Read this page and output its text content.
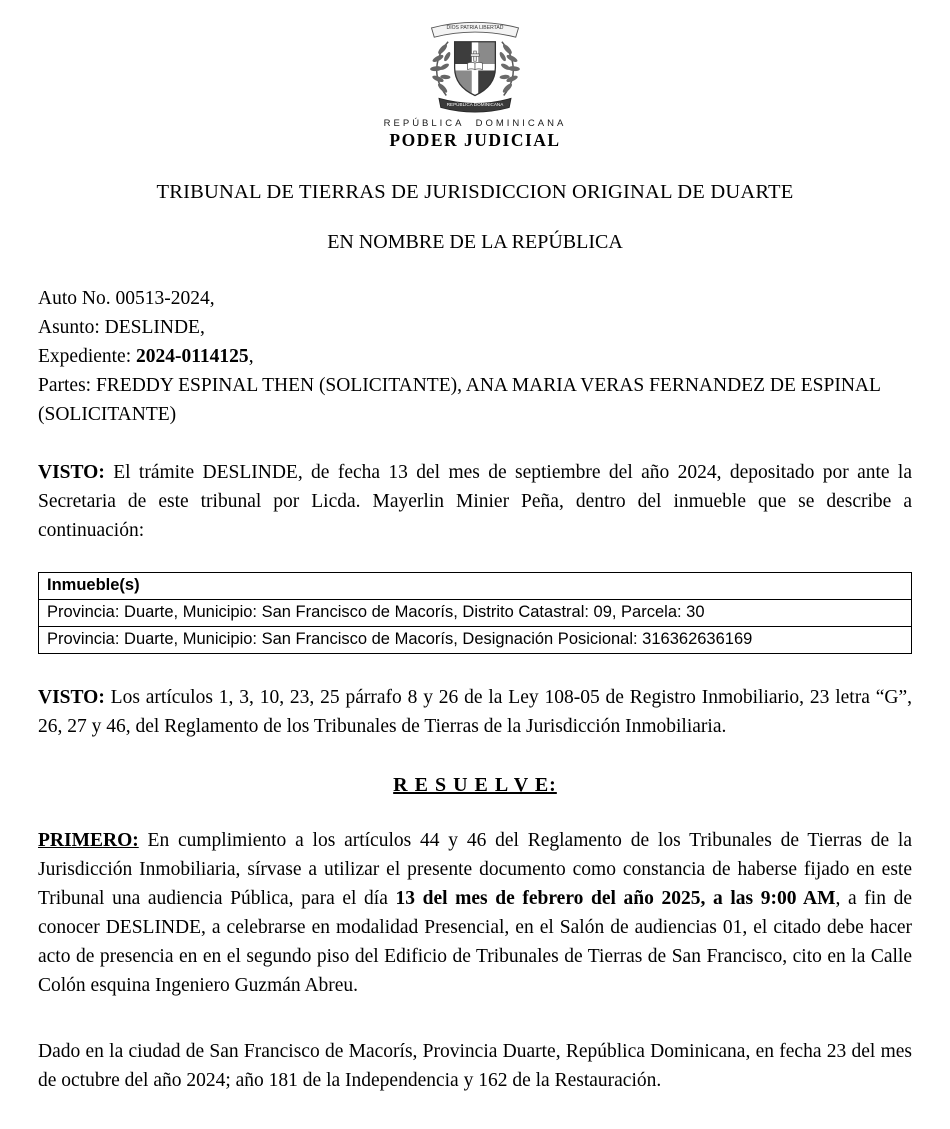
DIOS PATRIA LIBERTAD
REPÚBLICA DOMINICANA
REPÚBLICA DOMINICANA
PODER JUDICIAL
TRIBUNAL DE TIERRAS DE JURISDICCION ORIGINAL DE DUARTE
EN NOMBRE DE LA REPÚBLICA
Auto No. 00513-2024,
Asunto: DESLINDE,
Expediente: 2024-0114125,
Partes: FREDDY ESPINAL THEN (SOLICITANTE), ANA MARIA VERAS FERNANDEZ DE ESPINAL (SOLICITANTE)

VISTO: El trámite DESLINDE, de fecha 13 del mes de septiembre del año 2024, depositado por ante la Secretaria de este tribunal por Licda. Mayerlin Minier Peña, dentro del inmueble que se describe a continuación:

Inmueble(s)
Provincia: Duarte, Municipio: San Francisco de Macorís, Distrito Catastral: 09, Parcela: 30
Provincia: Duarte, Municipio: San Francisco de Macorís, Designación Posicional: 316362636169

VISTO: Los artículos 1, 3, 10, 23, 25 párrafo 8 y 26 de la Ley 108-05 de Registro Inmobiliario, 23 letra “G”, 26, 27 y 46, del Reglamento de los Tribunales de Tierras de la Jurisdicción Inmobiliaria.

R E S U E L V E:

PRIMERO: En cumplimiento a los artículos 44 y 46 del Reglamento de los Tribunales de Tierras de la Jurisdicción Inmobiliaria, sírvase a utilizar el presente documento como constancia de haberse fijado en este Tribunal una audiencia Pública, para el día 13 del mes de febrero del año 2025, a las 9:00 AM, a fin de conocer DESLINDE, a celebrarse en modalidad Presencial, en el Salón de audiencias 01, el citado debe hacer acto de presencia en en el segundo piso del Edificio de Tribunales de Tierras de San Francisco, cito en la Calle Colón esquina Ingeniero Guzmán Abreu.

Dado en la ciudad de San Francisco de Macorís, Provincia Duarte, República Dominicana, en fecha 23 del mes de octubre del año 2024; año 181 de la Independencia y 162 de la Restauración.
